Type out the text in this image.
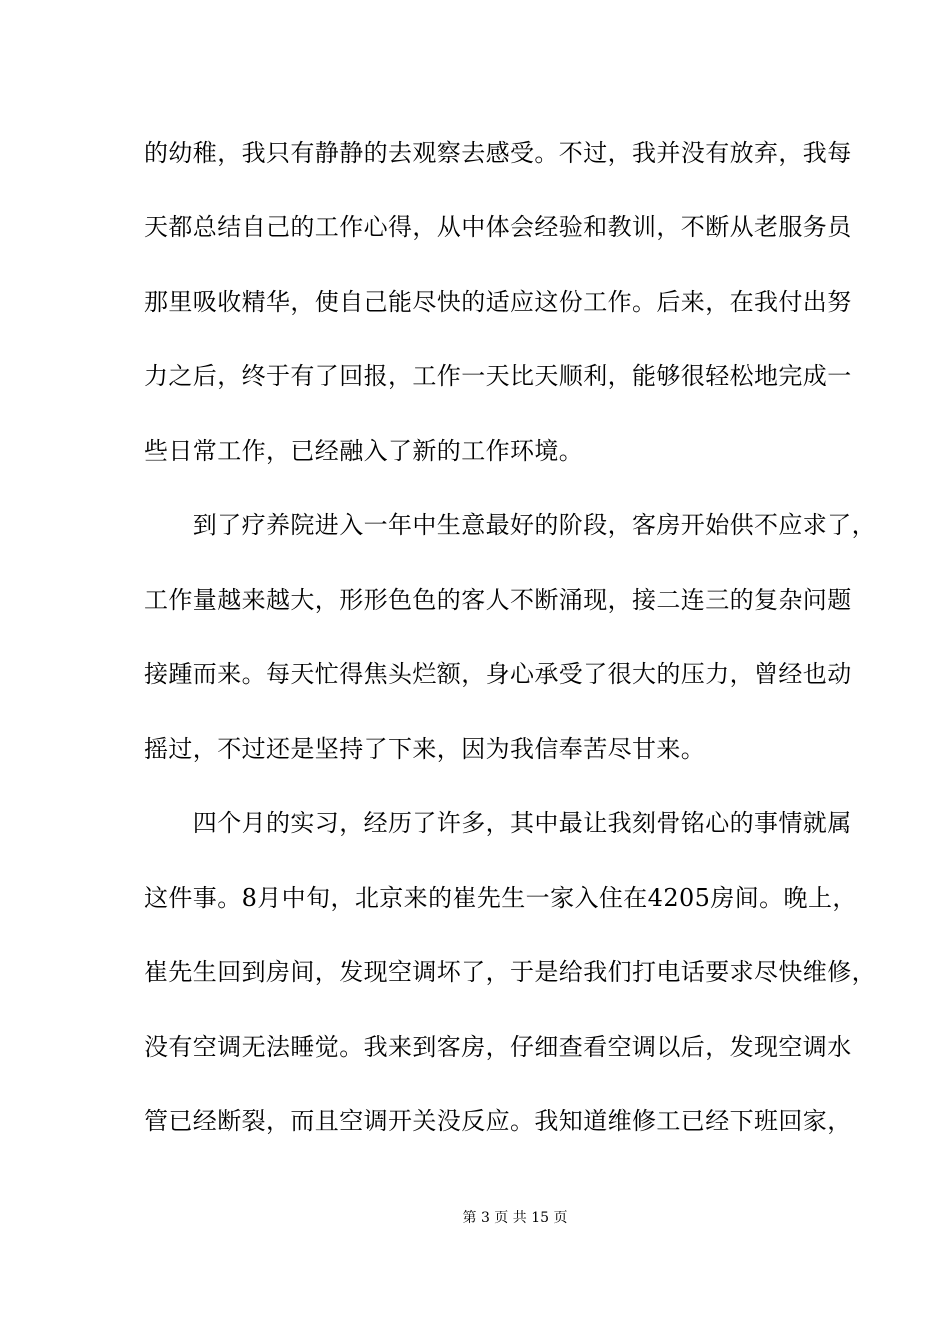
的幼稚，我只有静静的去观察去感受。不过，我并没有放弃，我每
天都总结自己的工作心得，从中体会经验和教训，不断从老服务员
那里吸收精华，使自己能尽快的适应这份工作。后来，在我付出努
力之后，终于有了回报，工作一天比天顺利，能够很轻松地完成一
些日常工作，已经融入了新的工作环境。
　　到了疗养院进入一年中生意最好的阶段，客房开始供不应求了，
工作量越来越大，形形色色的客人不断涌现，接二连三的复杂问题
接踵而来。每天忙得焦头烂额，身心承受了很大的压力，曾经也动
摇过，不过还是坚持了下来，因为我信奉苦尽甘来。
　　四个月的实习，经历了许多，其中最让我刻骨铭心的事情就属
这件事。8月中旬，北京来的崔先生一家入住在4205房间。晚上，
崔先生回到房间，发现空调坏了，于是给我们打电话要求尽快维修，
没有空调无法睡觉。我来到客房，仔细查看空调以后，发现空调水
管已经断裂，而且空调开关没反应。我知道维修工已经下班回家，
第 3 页 共 15 页
